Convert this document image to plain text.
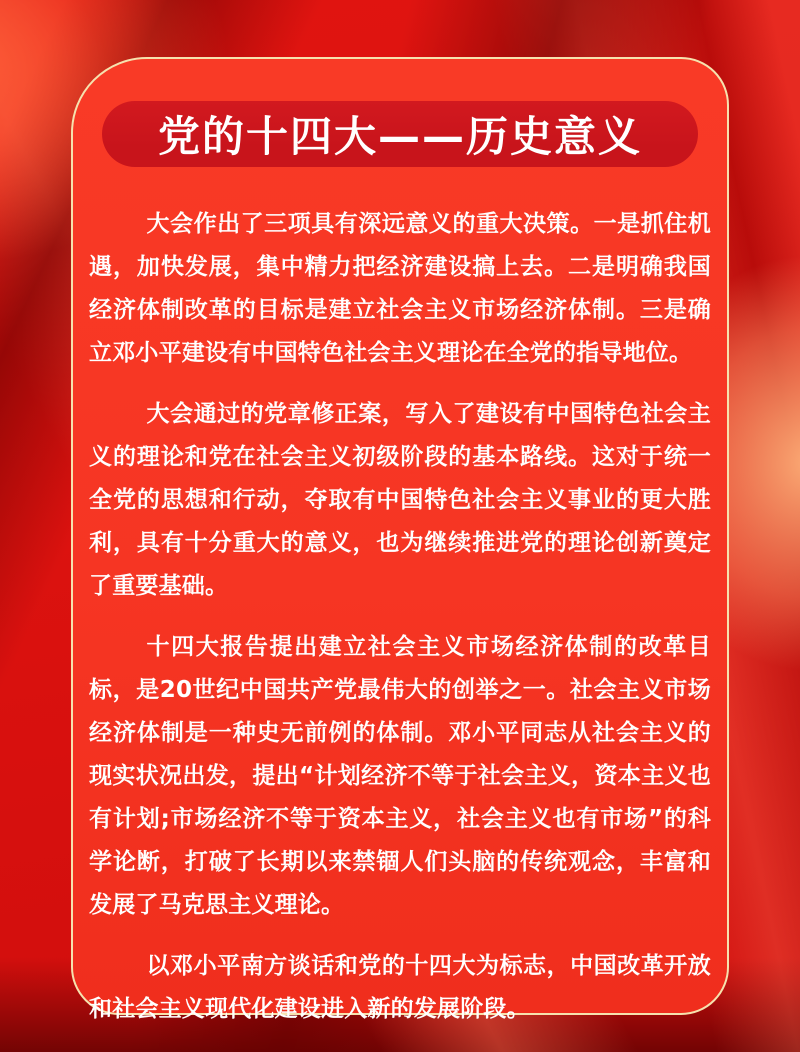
党的十四大——历史意义

大会作出了三项具有深远意义的重大决策。一是抓住机遇，加快发展，集中精力把经济建设搞上去。二是明确我国经济体制改革的目标是建立社会主义市场经济体制。三是确立邓小平建设有中国特色社会主义理论在全党的指导地位。

大会通过的党章修正案，写入了建设有中国特色社会主义的理论和党在社会主义初级阶段的基本路线。这对于统一全党的思想和行动，夺取有中国特色社会主义事业的更大胜利，具有十分重大的意义，也为继续推进党的理论创新奠定了重要基础。

十四大报告提出建立社会主义市场经济体制的改革目标，是20世纪中国共产党最伟大的创举之一。社会主义市场经济体制是一种史无前例的体制。邓小平同志从社会主义的现实状况出发，提出“计划经济不等于社会主义，资本主义也有计划;市场经济不等于资本主义，社会主义也有市场”的科学论断，打破了长期以来禁锢人们头脑的传统观念，丰富和发展了马克思主义理论。

以邓小平南方谈话和党的十四大为标志，中国改革开放和社会主义现代化建设进入新的发展阶段。
